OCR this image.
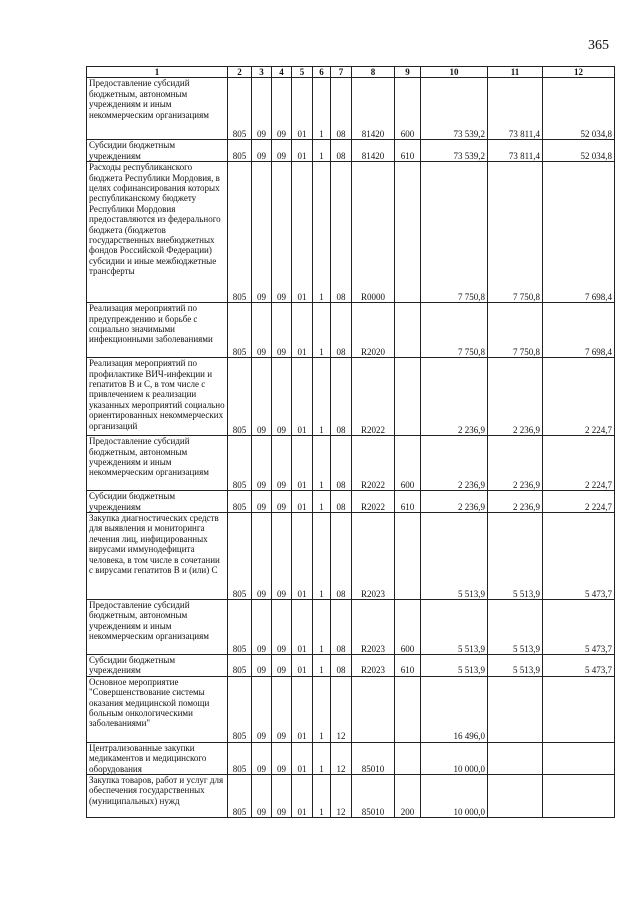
365
1	2	3	4	5	6	7	8	9	10	11	12
Предоставление субсидий бюджетным, автономным учреждениям и иным некоммерческим организациям	805	09	09	01	1	08	81420	600	73 539,2	73 811,4	52 034,8
Субсидии бюджетным учреждениям	805	09	09	01	1	08	81420	610	73 539,2	73 811,4	52 034,8
Расходы республиканского бюджета Республики Мордовия, в целях софинансирования которых республиканскому бюджету Республики Мордовия предоставляются из федерального бюджета (бюджетов государственных внебюджетных фондов Российской Федерации) субсидии и иные межбюджетные трансферты	805	09	09	01	1	08	R0000		7 750,8	7 750,8	7 698,4
Реализация мероприятий по предупреждению и борьбе с социально значимыми инфекционными заболеваниями	805	09	09	01	1	08	R2020		7 750,8	7 750,8	7 698,4
Реализация мероприятий по профилактике ВИЧ-инфекции и гепатитов В и С, в том числе с привлечением к реализации указанных мероприятий социально ориентированных некоммерческих организаций	805	09	09	01	1	08	R2022		2 236,9	2 236,9	2 224,7
Предоставление субсидий бюджетным, автономным учреждениям и иным некоммерческим организациям	805	09	09	01	1	08	R2022	600	2 236,9	2 236,9	2 224,7
Субсидии бюджетным учреждениям	805	09	09	01	1	08	R2022	610	2 236,9	2 236,9	2 224,7
Закупка диагностических средств для выявления и мониторинга лечения лиц, инфицированных вирусами иммунодефицита человека, в том числе в сочетании с вирусами гепатитов В и (или) С	805	09	09	01	1	08	R2023		5 513,9	5 513,9	5 473,7
Предоставление субсидий бюджетным, автономным учреждениям и иным некоммерческим организациям	805	09	09	01	1	08	R2023	600	5 513,9	5 513,9	5 473,7
Субсидии бюджетным учреждениям	805	09	09	01	1	08	R2023	610	5 513,9	5 513,9	5 473,7
Основное мероприятие "Совершенствование системы оказания медицинской помощи больным онкологическими заболеваниями"	805	09	09	01	1	12			16 496,0		
Централизованные закупки медикаментов и медицинского оборудования	805	09	09	01	1	12	85010		10 000,0		
Закупка товаров, работ и услуг для обеспечения государственных (муниципальных) нужд	805	09	09	01	1	12	85010	200	10 000,0		
